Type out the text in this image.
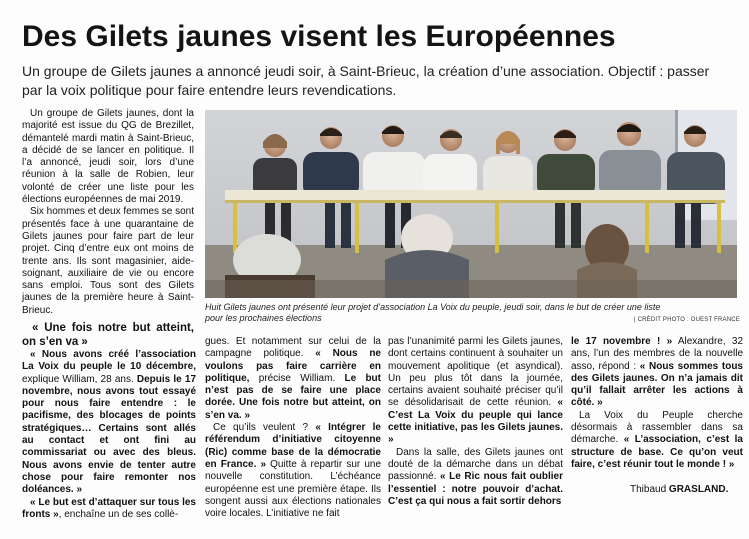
Des Gilets jaunes visent les Européennes
Un groupe de Gilets jaunes a annoncé jeudi soir, à Saint-Brieuc, la création d’une association. Objectif : passer par la voix politique pour faire entendre leurs revendications.

Un groupe de Gilets jaunes, dont la majorité est issue du QG de Brezillet, démantelé mardi matin à Saint-Brieuc, a décidé de se lancer en politique. Il l’a annoncé, jeudi soir, lors d’une réunion à la salle de Robien, leur volonté de créer une liste pour les élections européennes de mai 2019.

Six hommes et deux femmes se sont présentés face à une quarantaine de Gilets jaunes pour faire part de leur projet. Cinq d’entre eux ont moins de trente ans. Ils sont magasinier, aide-soignant, auxiliaire de vie ou encore sans emploi. Tous sont des Gilets jaunes de la première heure à Saint-Brieuc.

« Une fois notre but atteint, on s’en va »
Huit Gilets jaunes ont présenté leur projet d’association La Voix du peuple, jeudi soir, dans le but de créer une liste pour les prochaines élections	| CRÉDIT PHOTO : OUEST FRANCE

« Nous avons créé l’association La Voix du peuple le 10 décembre, explique William, 28 ans. Depuis le 17 novembre, nous avons tout essayé pour nous faire entendre : le pacifisme, des blocages de points stratégiques… Certains sont allés au contact et ont fini au commissariat ou avec des bleus. Nous avons envie de tenter autre chose pour faire remonter nos doléances. »

« Le but est d’attaquer sur tous les fronts », enchaîne un de ses collè-

gues. Et notamment sur celui de la campagne politique. « Nous ne voulons pas faire carrière en politique, précise William. Le but n’est pas de se faire une place dorée. Une fois notre but atteint, on s’en va. »

Ce qu’ils veulent ? « Intégrer le référendum d’initiative citoyenne (Ric) comme base de la démocratie en France. » Quitte à repartir sur une nouvelle constitution. L’échéance européenne est une première étape. Ils songent aussi aux élections nationales voire locales. L’initiative ne fait

pas l’unanimité parmi les Gilets jaunes, dont certains continuent à souhaiter un mouvement apolitique (et asyndical). Un peu plus tôt dans la journée, certains avaient souhaité préciser qu’il se désolidarisait de cette réunion. « C’est La Voix du peuple qui lance cette initiative, pas les Gilets jaunes. »

Dans la salle, des Gilets jaunes ont douté de la démarche dans un débat passionné. « Le Ric nous fait oublier l’essentiel : notre pouvoir d’achat. C’est ça qui nous a fait sortir dehors

le 17 novembre ! » Alexandre, 32 ans, l’un des membres de la nouvelle asso, répond : « Nous sommes tous des Gilets jaunes. On n’a jamais dit qu’il fallait arrêter les actions à côté. »

La Voix du Peuple cherche désormais à rassembler dans sa démarche. « L’association, c’est la structure de base. Ce qu’on veut faire, c’est réunir tout le monde ! »

Thibaud GRASLAND.
